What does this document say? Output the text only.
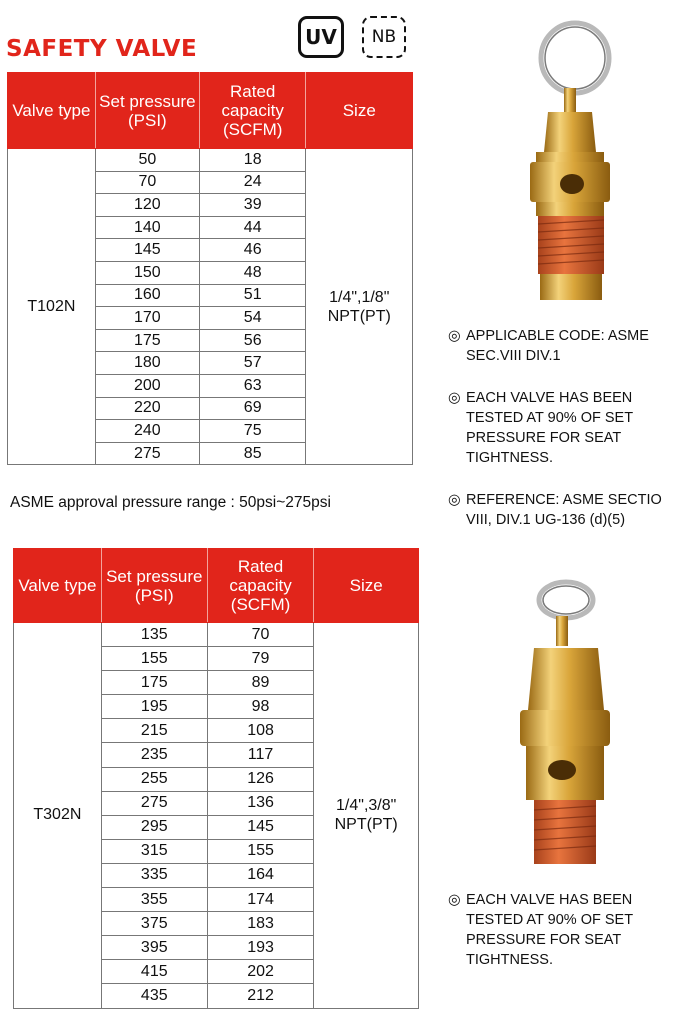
SAFETY VALVE	UV	NB
Valve type	Set pressure (PSI)	Rated capacity (SCFM)	Size
T102N	50	18	1/4",1/8"
NPT(PT)

	70	24	
	120	39	
	140	44	
	145	46	
	150	48	
	160	51	
	170	54	
	175	56	
	180	57	
	200	63	
	220	69	
	240	75	
	275	85	
ASME approval pressure range : 50psi~275psi
Valve type	Set pressure (PSI)	Rated capacity (SCFM)	Size
T302N	135	70	1/4",3/8"
NPT(PT)

	155	79	
	175	89	
	195	98	
	215	108	
	235	117	
	255	126	
	275	136	
	295	145	
	315	155	
	335	164	
	355	174	
	375	183	
	395	193	
	415	202	
	435	212	
◎ APPLICABLE CODE: ASME
SEC.VIII DIV.1
◎ EACH VALVE HAS BEEN
TESTED AT 90% OF SET
PRESSURE FOR SEAT
TIGHTNESS.
◎ REFERENCE: ASME SECTIO
VIII, DIV.1 UG-136 (d)(5)
◎ EACH VALVE HAS BEEN
TESTED AT 90% OF SET
PRESSURE FOR SEAT
TIGHTNESS.
